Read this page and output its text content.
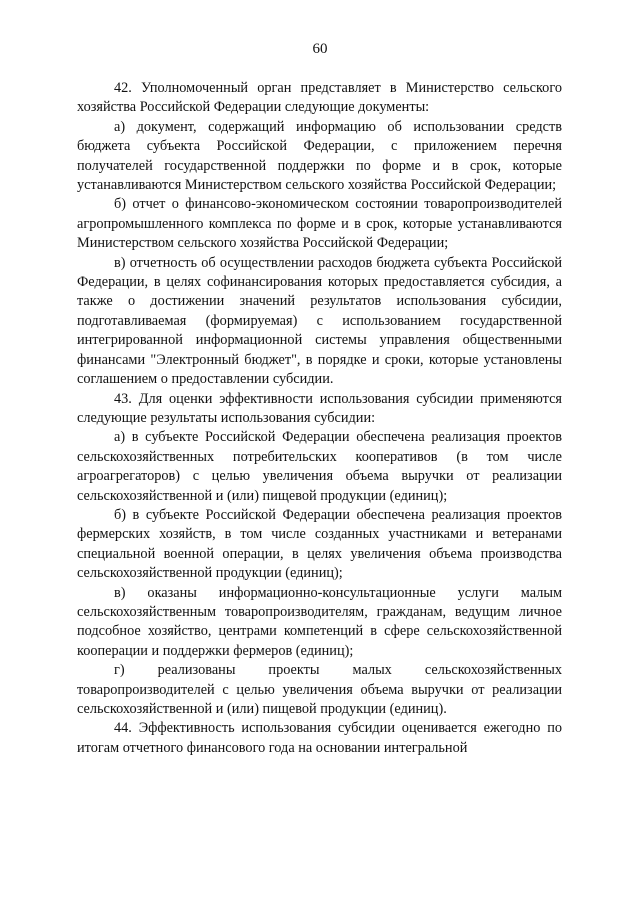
60

42. Уполномоченный орган представляет в Министерство сельского хозяйства Российской Федерации следующие документы:

а) документ, содержащий информацию об использовании средств бюджета субъекта Российской Федерации, с приложением перечня получателей государственной поддержки по форме и в срок, которые устанавливаются Министерством сельского хозяйства Российской Федерации;

б) отчет о финансово-экономическом состоянии товаропроизводителей агропромышленного комплекса по форме и в срок, которые устанавливаются Министерством сельского хозяйства Российской Федерации;

в) отчетность об осуществлении расходов бюджета субъекта Российской Федерации, в целях софинансирования которых предоставляется субсидия, а также о достижении значений результатов использования субсидии, подготавливаемая (формируемая) с использованием государственной интегрированной информационной системы управления общественными финансами "Электронный бюджет", в порядке и сроки, которые установлены соглашением о предоставлении субсидии.

43. Для оценки эффективности использования субсидии применяются следующие результаты использования субсидии:

а) в субъекте Российской Федерации обеспечена реализация проектов сельскохозяйственных потребительских кооперативов (в том числе агроагрегаторов) с целью увеличения объема выручки от реализации сельскохозяйственной и (или) пищевой продукции (единиц);

б) в субъекте Российской Федерации обеспечена реализация проектов фермерских хозяйств, в том числе созданных участниками и ветеранами специальной военной операции, в целях увеличения объема производства сельскохозяйственной продукции (единиц);

в) оказаны информационно-консультационные услуги малым сельскохозяйственным товаропроизводителям, гражданам, ведущим личное подсобное хозяйство, центрами компетенций в сфере сельскохозяйственной кооперации и поддержки фермеров (единиц);

г) реализованы проекты малых сельскохозяйственных товаропроизводителей с целью увеличения объема выручки от реализации сельскохозяйственной и (или) пищевой продукции (единиц).

44. Эффективность использования субсидии оценивается ежегодно по итогам отчетного финансового года на основании интегральной
